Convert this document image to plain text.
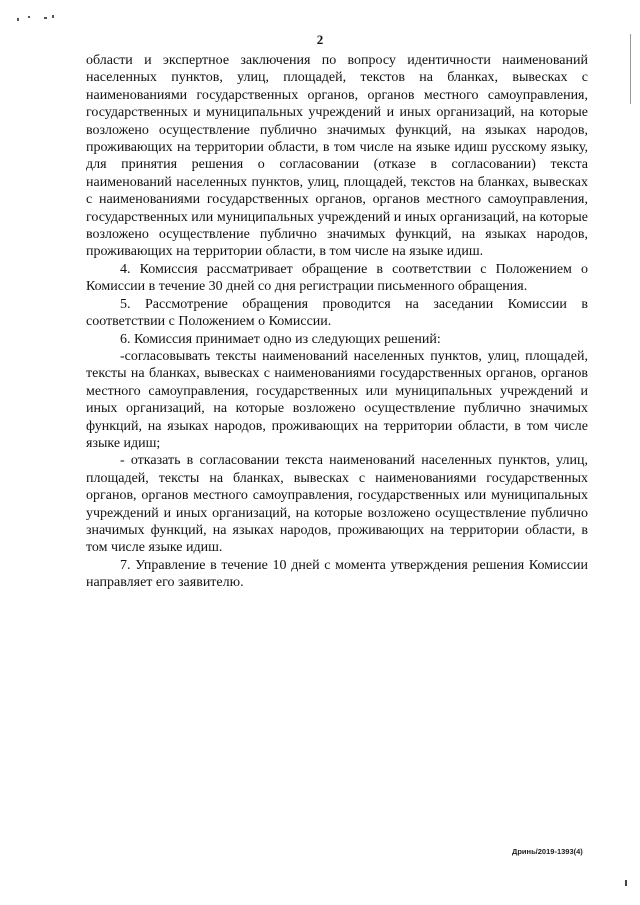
2

области и экспертное заключения по вопросу идентичности наименований населенных пунктов, улиц, площадей, текстов на бланках, вывесках с наименованиями государственных органов, органов местного самоуправления, государственных и муниципальных учреждений и иных организаций, на которые возложено осуществление публично значимых функций, на языках народов, проживающих на территории области, в том числе на языке идиш русскому языку, для принятия решения о согласовании (отказе в согласовании) текста наименований населенных пунктов, улиц, площадей, текстов на бланках, вывесках с наименованиями государственных органов, органов местного самоуправления, государственных или муниципальных учреждений и иных организаций, на которые возложено осуществление публично значимых функций, на языках народов, проживающих на территории области, в том числе на языке идиш.

4. Комиссия рассматривает обращение в соответствии с Положением о Комиссии в течение 30 дней со дня регистрации письменного обращения.

5. Рассмотрение обращения проводится на заседании Комиссии в соответствии с Положением о Комиссии.

6. Комиссия принимает одно из следующих решений:

-согласовывать тексты наименований населенных пунктов, улиц, площадей, тексты на бланках, вывесках с наименованиями государственных органов, органов местного самоуправления, государственных или муниципальных учреждений и иных организаций, на которые возложено осуществление публично значимых функций, на языках народов, проживающих на территории области, в том числе языке идиш;

- отказать в согласовании текста наименований населенных пунктов, улиц, площадей, тексты на бланках, вывесках с наименованиями государственных органов, органов местного самоуправления, государственных или муниципальных учреждений и иных организаций, на которые возложено осуществление публично значимых функций, на языках народов, проживающих на территории области, в том числе языке идиш.

7. Управление в течение 10 дней с момента утверждения решения Комиссии направляет его заявителю.

Дринь/2019-1393(4)
